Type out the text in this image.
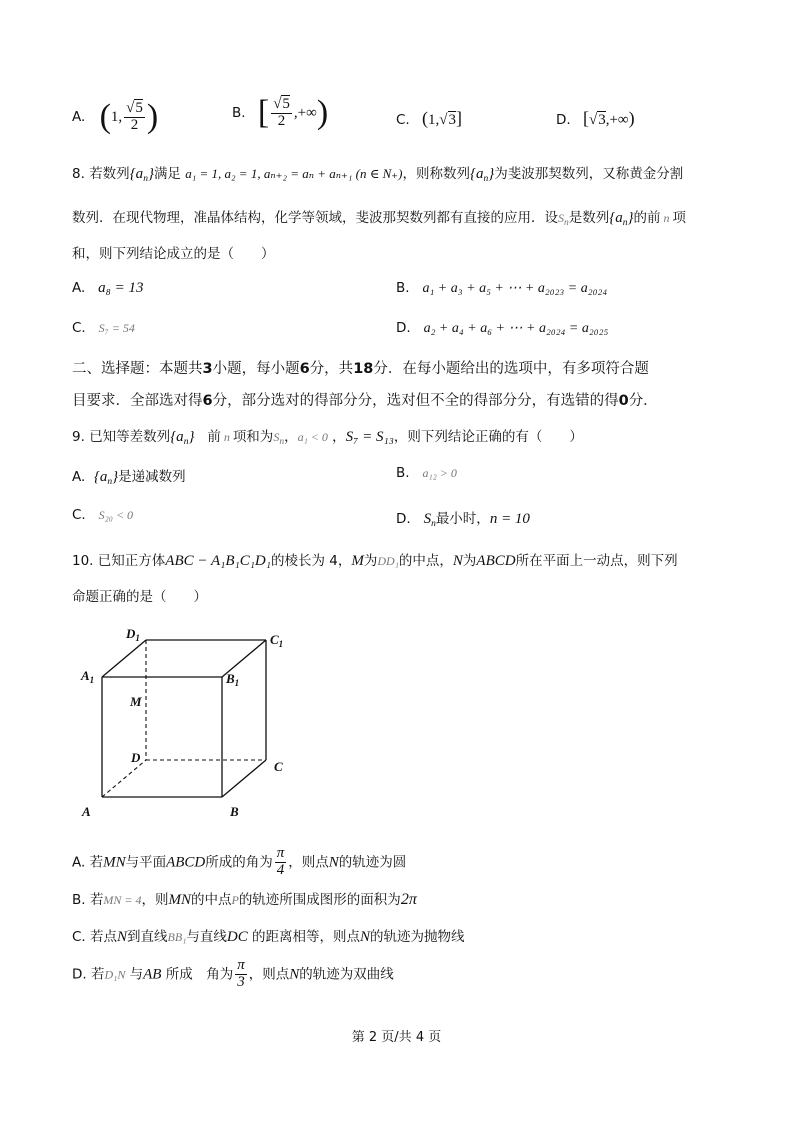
A. (1, $\frac{√5}{2}$ )	B. [ $\frac{√5}{2}$ ,+∞)	C. (1,√3]	D. [√3,+∞)
8. 若数列$\{a_n\}$满足 a₁ = 1, a₂ = 1, aₙ₊₂ = aₙ + aₙ₊₁ (n ∈ N₊)，则称数列$\{a_n\}$为斐波那契数列，又称黄金分割
数列．在现代物理，准晶体结构，化学等领域，斐波那契数列都有直接的应用．设$S_n$是数列$\{a_n\}$的前 n 项
和，则下列结论成立的是（　　）
A. a₈ = 13	B. a₁ + a₃ + a₅ + ⋯ + a₂₀₂₃ = a₂₀₂₄
C. S₇ = 54	D. a₂ + a₄ + a₆ + ⋯ + a₂₀₂₄ = a₂₀₂₅
二、选择题：本题共3小题，每小题6分，共18分．在每小题给出的选项中，有多项符合题
目要求．全部选对得6分，部分选对的得部分分，选对但不全的得部分分，有选错的得0分．
9. 已知等差数列$\{a_n\}$ 前 n 项和为$S_n$，a₁ < 0 ，S₇ = S₁₃，则下列结论正确的有（　　）
A. $\{a_n\}$是递减数列	B. a₁₂ > 0
C. S₂₀ < 0	D. $S_n$最小时，n = 10
10. 已知正方体ABC − A₁B₁C₁D₁的棱长为 4，M为DD₁的中点，N为ABCD所在平面上一动点，则下列
命题正确的是（　　）
$D_1$	$C_1$
$A_1$	$B_1$
M
D
C
A	B
A. 若MN与平面ABCD所成的角为 $\frac{\pi}{4}$ ，则点N的轨迹为圆
B. 若MN = 4，则MN的中点P的轨迹所围成图形的面积为2π
C. 若点N到直线BB₁与直线DC 的距离相等，则点N的轨迹为抛物线
D. 若D₁N 与AB 所成　角为 $\frac{\pi}{3}$ ，则点N的轨迹为双曲线
第 2 页/共 4 页
